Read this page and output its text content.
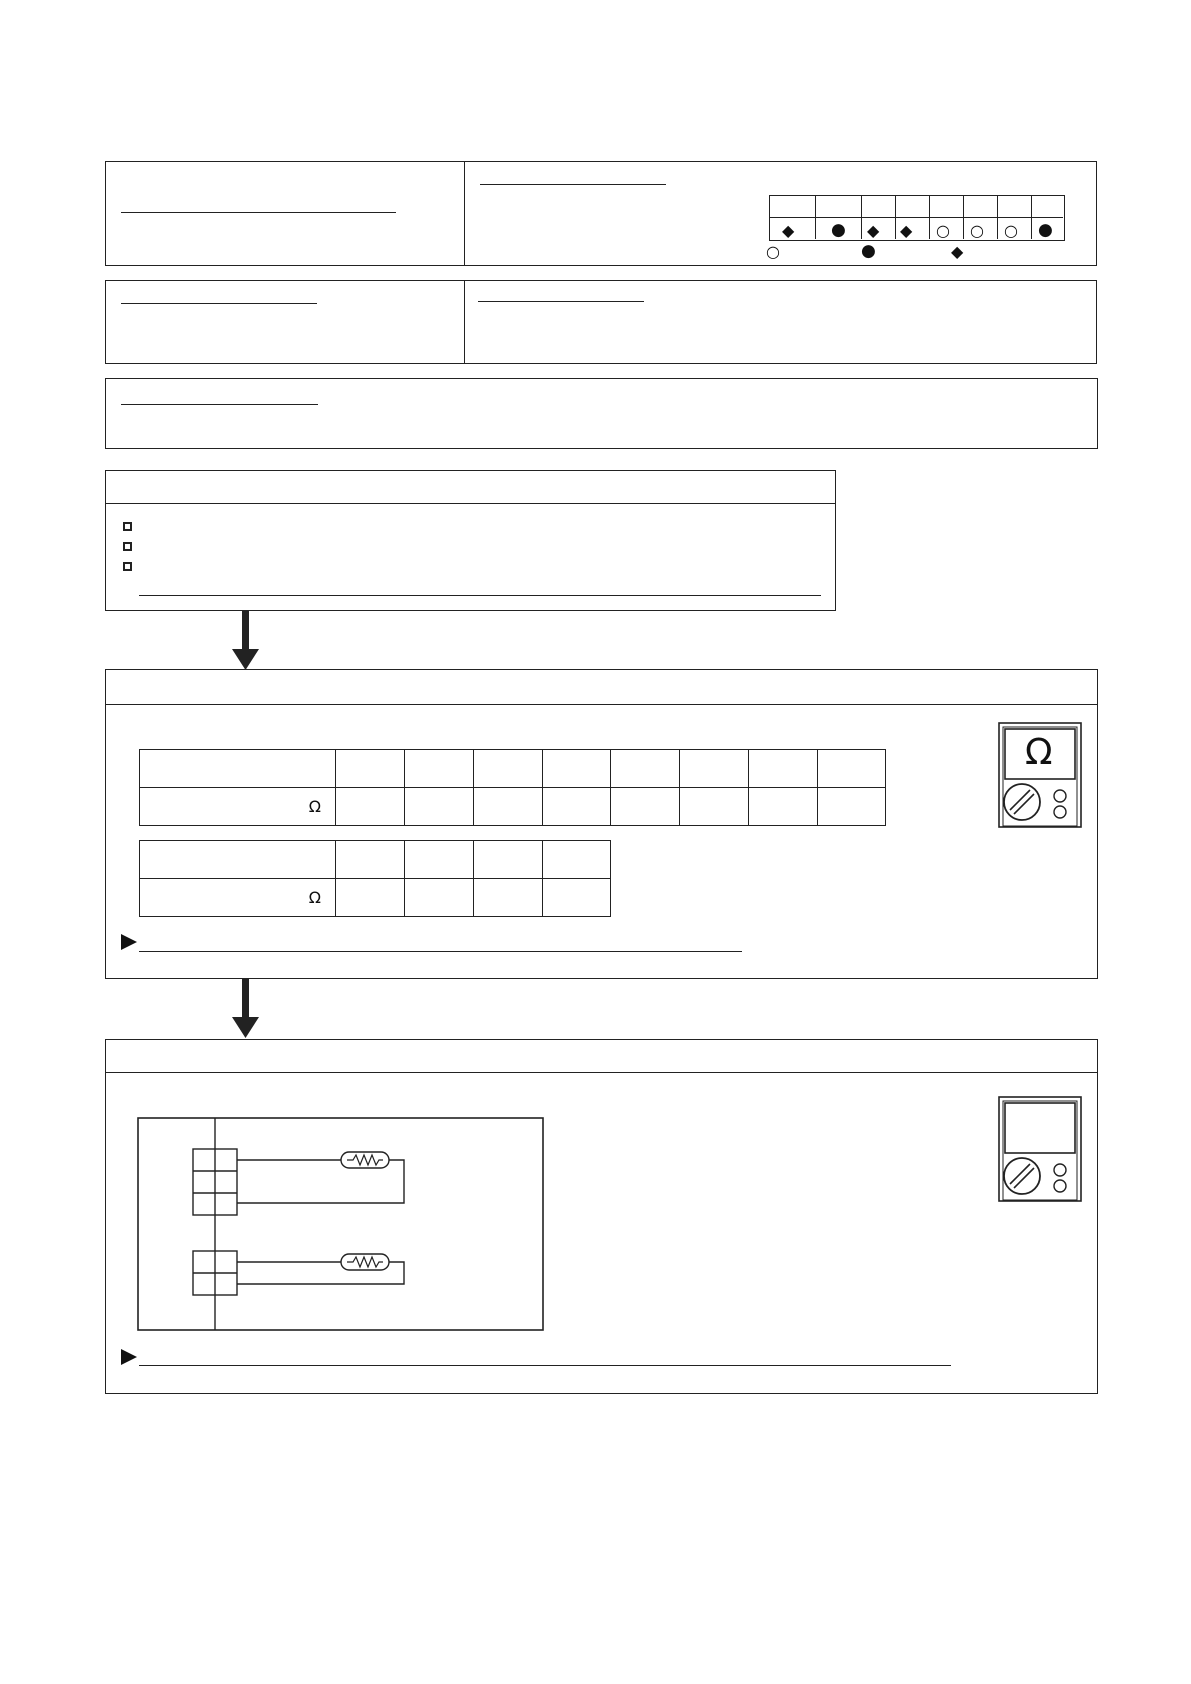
◆ ● ◆ ◆ ○ ○ ○ ●
○	●	◆

Ω								

Ω				
Ω
